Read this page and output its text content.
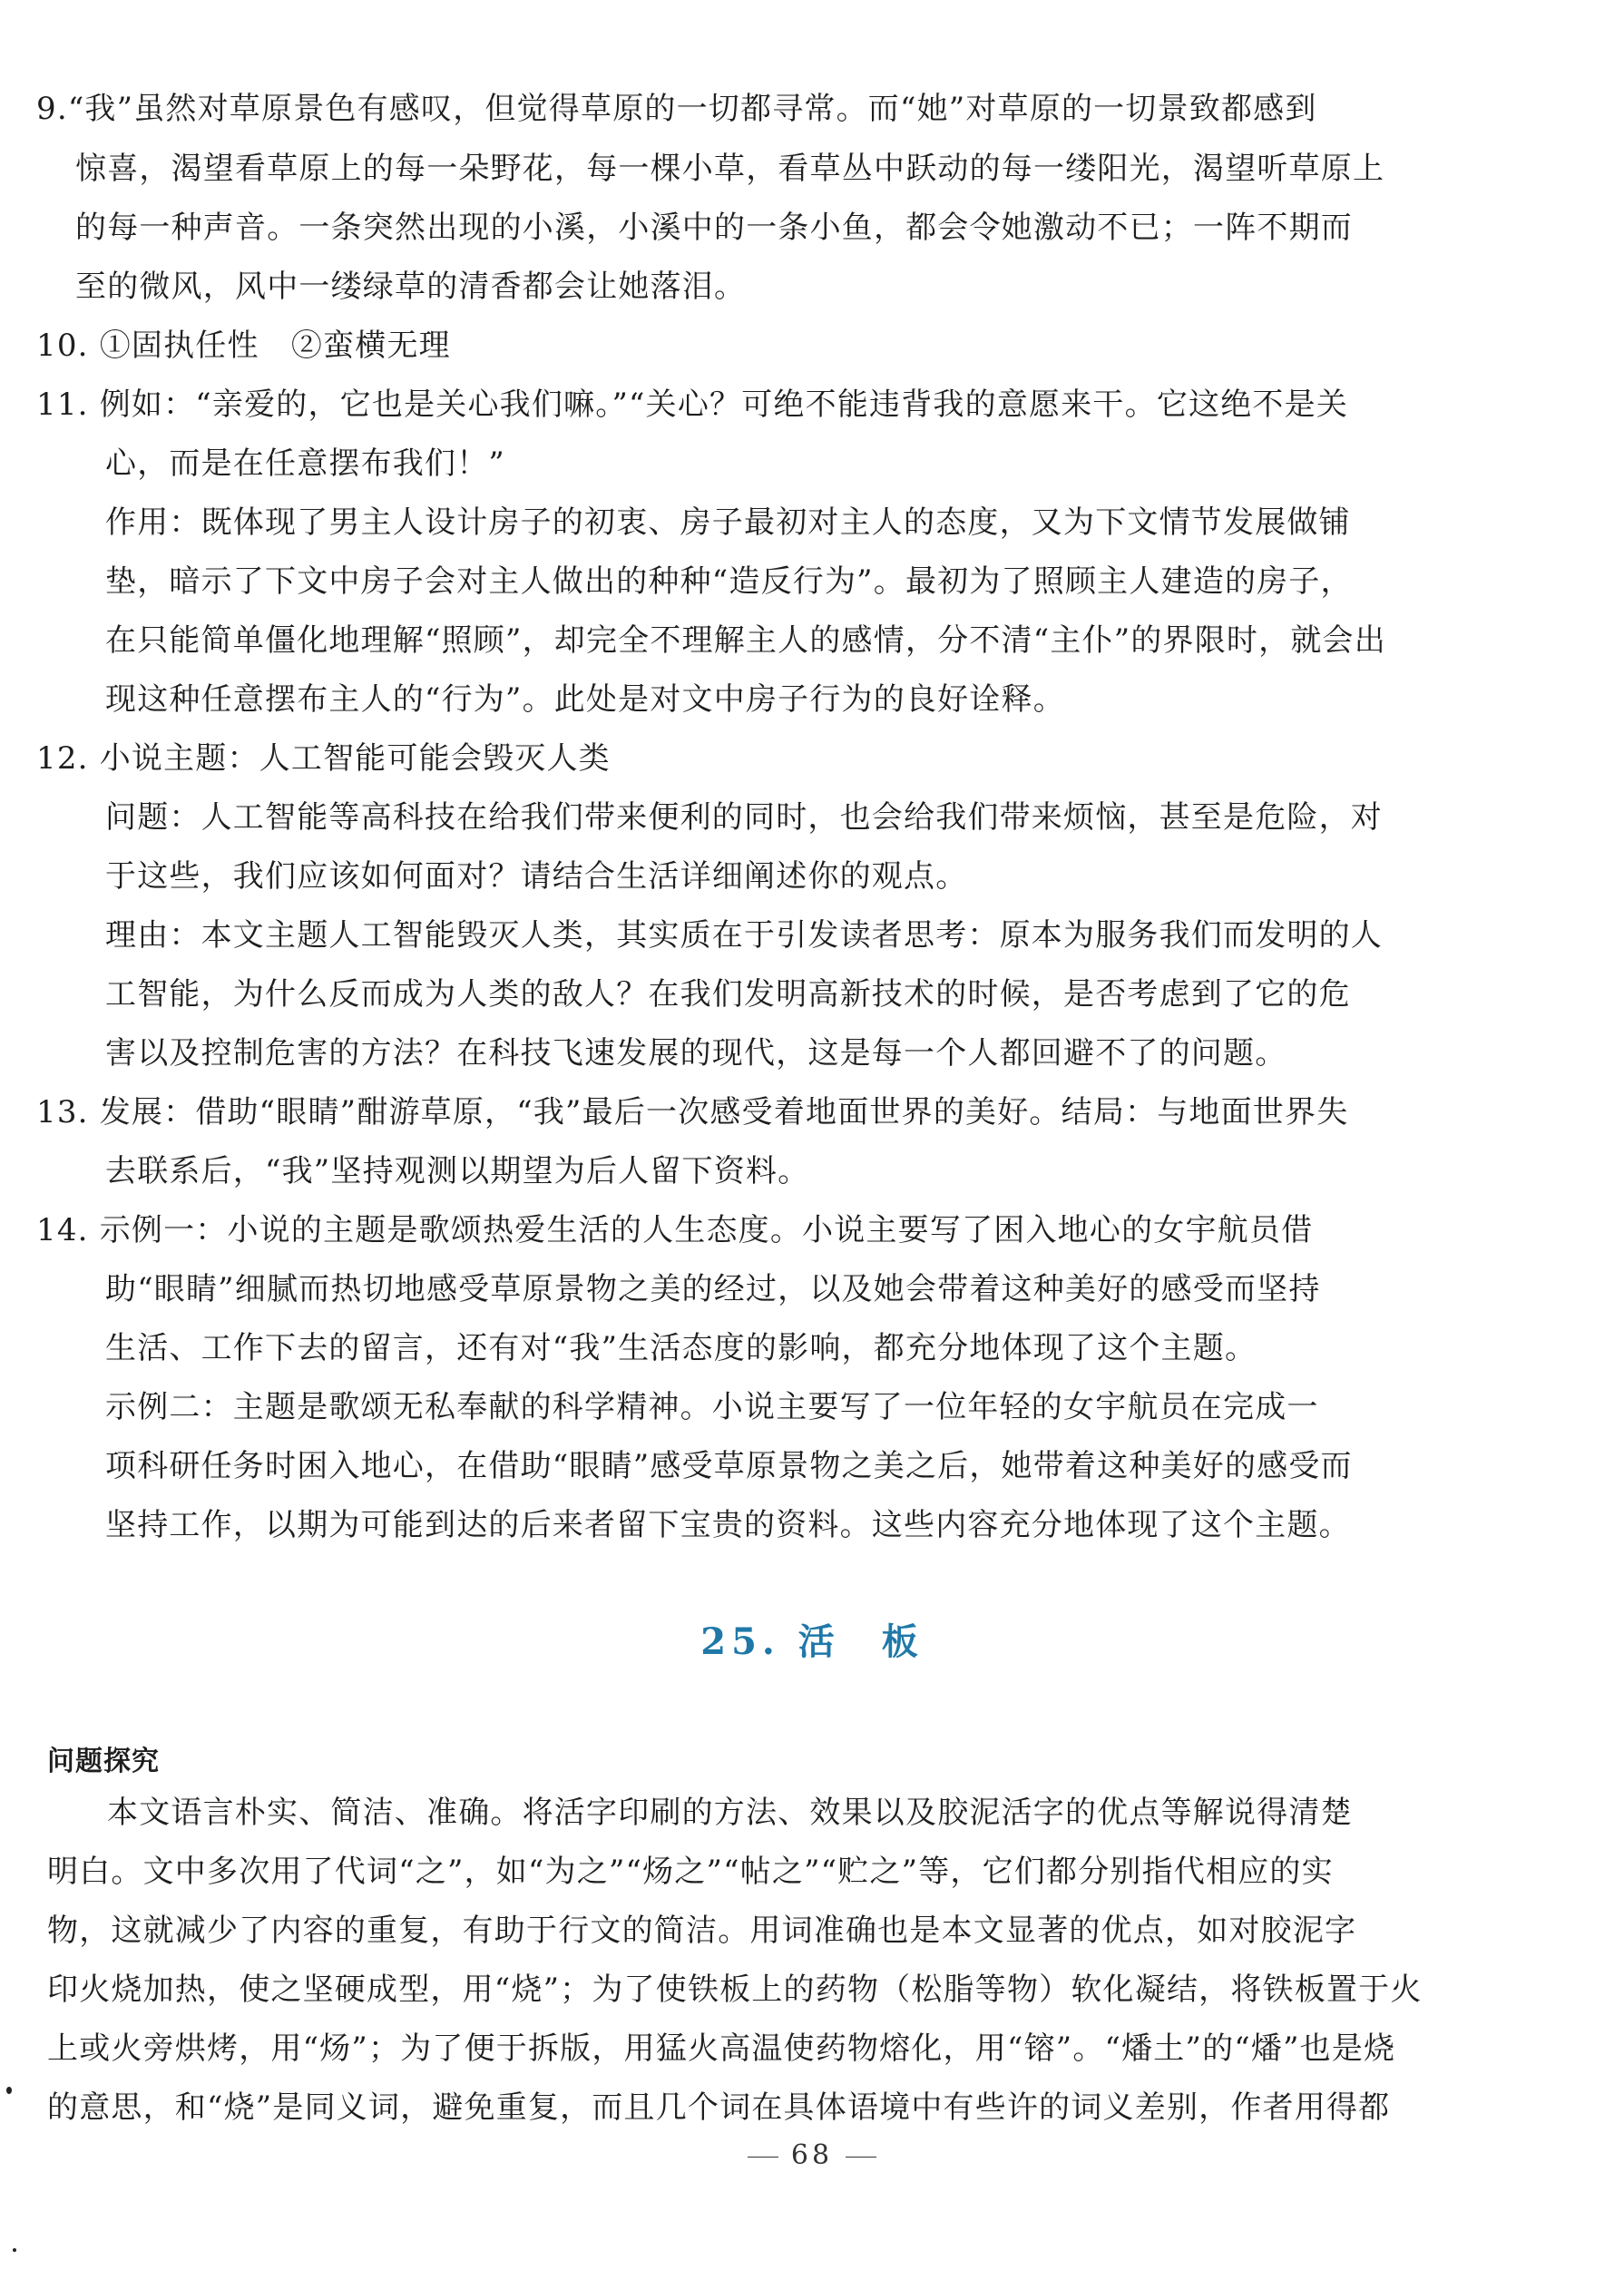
9.“我”虽然对草原景色有感叹，但觉得草原的一切都寻常。而“她”对草原的一切景致都感到
惊喜，渴望看草原上的每一朵野花，每一棵小草，看草丛中跃动的每一缕阳光，渴望听草原上
的每一种声音。一条突然出现的小溪，小溪中的一条小鱼，都会令她激动不已；一阵不期而
至的微风，风中一缕绿草的清香都会让她落泪。
10. ①固执任性　②蛮横无理
11. 例如：“亲爱的，它也是关心我们嘛。”“关心？可绝不能违背我的意愿来干。它这绝不是关
心，而是在任意摆布我们！”
作用：既体现了男主人设计房子的初衷、房子最初对主人的态度，又为下文情节发展做铺
垫，暗示了下文中房子会对主人做出的种种“造反行为”。最初为了照顾主人建造的房子，
在只能简单僵化地理解“照顾”，却完全不理解主人的感情，分不清“主仆”的界限时，就会出
现这种任意摆布主人的“行为”。此处是对文中房子行为的良好诠释。
12. 小说主题：人工智能可能会毁灭人类
问题：人工智能等高科技在给我们带来便利的同时，也会给我们带来烦恼，甚至是危险，对
于这些，我们应该如何面对？请结合生活详细阐述你的观点。
理由：本文主题人工智能毁灭人类，其实质在于引发读者思考：原本为服务我们而发明的人
工智能，为什么反而成为人类的敌人？在我们发明高新技术的时候，是否考虑到了它的危
害以及控制危害的方法？在科技飞速发展的现代，这是每一个人都回避不了的问题。
13. 发展：借助“眼睛”酣游草原，“我”最后一次感受着地面世界的美好。结局：与地面世界失
去联系后，“我”坚持观测以期望为后人留下资料。
14. 示例一：小说的主题是歌颂热爱生活的人生态度。小说主要写了困入地心的女宇航员借
助“眼睛”细腻而热切地感受草原景物之美的经过，以及她会带着这种美好的感受而坚持
生活、工作下去的留言，还有对“我”生活态度的影响，都充分地体现了这个主题。
示例二：主题是歌颂无私奉献的科学精神。小说主要写了一位年轻的女宇航员在完成一
项科研任务时困入地心，在借助“眼睛”感受草原景物之美之后，她带着这种美好的感受而
坚持工作，以期为可能到达的后来者留下宝贵的资料。这些内容充分地体现了这个主题。
25. 活　板
问题探究
本文语言朴实、简洁、准确。将活字印刷的方法、效果以及胶泥活字的优点等解说得清楚
明白。文中多次用了代词“之”，如“为之”“炀之”“帖之”“贮之”等，它们都分别指代相应的实
物，这就减少了内容的重复，有助于行文的简洁。用词准确也是本文显著的优点，如对胶泥字
印火烧加热，使之坚硬成型，用“烧”；为了使铁板上的药物（松脂等物）软化凝结，将铁板置于火
上或火旁烘烤，用“炀”；为了便于拆版，用猛火高温使药物熔化，用“镕”。“燔土”的“燔”也是烧
的意思，和“烧”是同义词，避免重复，而且几个词在具体语境中有些许的词义差别，作者用得都
68
